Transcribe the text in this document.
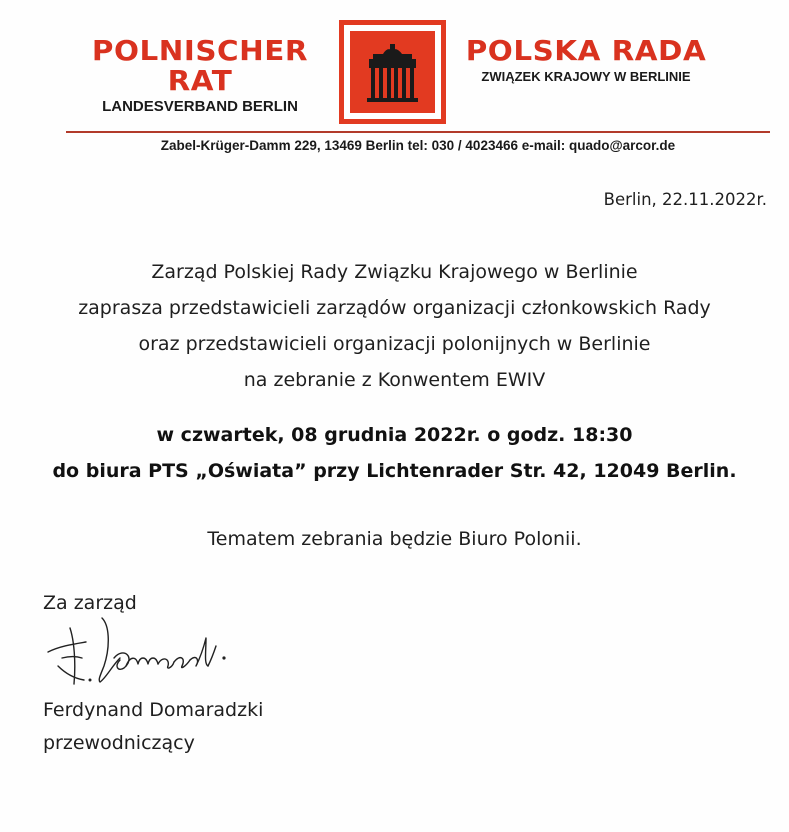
POLNISCHER RAT
LANDESVERBAND BERLIN
POLSKA RADA
ZWIĄZEK KRAJOWY W BERLINIE
Zabel-Krüger-Damm 229, 13469 Berlin tel: 030 / 4023466 e-mail: quado@arcor.de
Berlin, 22.11.2022r.
Zarząd Polskiej Rady Związku Krajowego w Berlinie
zaprasza przedstawicieli zarządów organizacji członkowskich Rady
oraz przedstawicieli organizacji polonijnych w Berlinie
na zebranie z Konwentem EWIV
w czwartek, 08 grudnia 2022r. o godz. 18:30
do biura PTS „Oświata” przy Lichtenrader Str. 42, 12049 Berlin.
Tematem zebrania będzie Biuro Polonii.
Za zarząd
Ferdynand Domaradzki
przewodniczący
